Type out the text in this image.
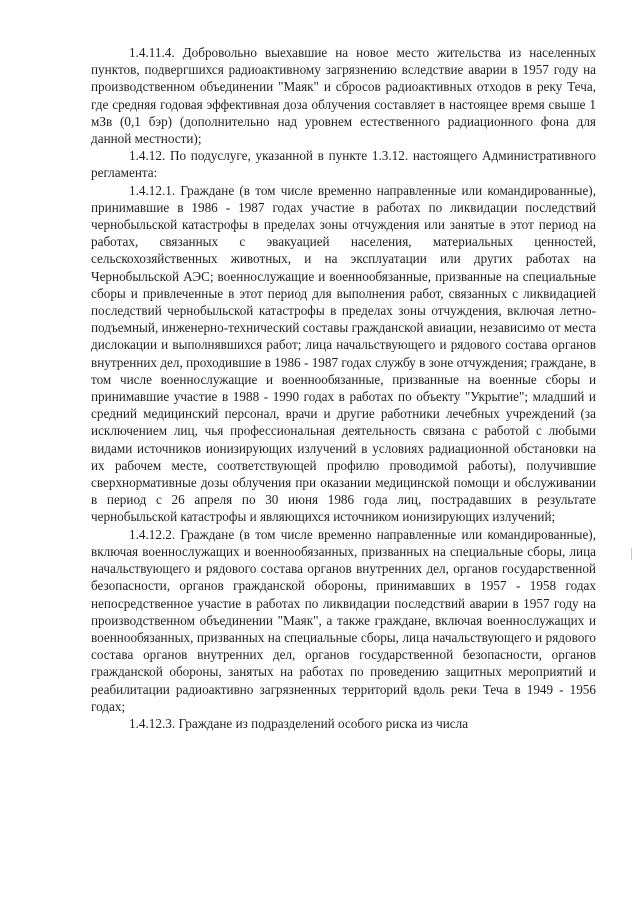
1.4.11.4. Добровольно выехавшие на новое место жительства из населенных пунктов, подвергшихся радиоактивному загрязнению вследствие аварии в 1957 году на производственном объединении "Маяк" и сбросов радиоактивных отходов в реку Теча, где средняя годовая эффективная доза облучения составляет в настоящее время свыше 1 мЗв (0,1 бэр) (дополнительно над уровнем естественного радиационного фона для данной местности);

1.4.12. По подуслуге, указанной в пункте 1.3.12. настоящего Административного регламента:

1.4.12.1. Граждане (в том числе временно направленные или командированные), принимавшие в 1986 - 1987 годах участие в работах по ликвидации последствий чернобыльской катастрофы в пределах зоны отчуждения или занятые в этот период на работах, связанных с эвакуацией населения, материальных ценностей, сельскохозяйственных животных, и на эксплуатации или других работах на Чернобыльской АЭС; военнослужащие и военнообязанные, призванные на специальные сборы и привлеченные в этот период для выполнения работ, связанных с ликвидацией последствий чернобыльской катастрофы в пределах зоны отчуждения, включая летно-подъемный, инженерно-технический составы гражданской авиации, независимо от места дислокации и выполнявшихся работ; лица начальствующего и рядового состава органов внутренних дел, проходившие в 1986 - 1987 годах службу в зоне отчуждения; граждане, в том числе военнослужащие и военнообязанные, призванные на военные сборы и принимавшие участие в 1988 - 1990 годах в работах по объекту "Укрытие"; младший и средний медицинский персонал, врачи и другие работники лечебных учреждений (за исключением лиц, чья профессиональная деятельность связана с работой с любыми видами источников ионизирующих излучений в условиях радиационной обстановки на их рабочем месте, соответствующей профилю проводимой работы), получившие сверхнормативные дозы облучения при оказании медицинской помощи и обслуживании в период с 26 апреля по 30 июня 1986 года лиц, пострадавших в результате чернобыльской катастрофы и являющихся источником ионизирующих излучений;

1.4.12.2. Граждане (в том числе временно направленные или командированные), включая военнослужащих и военнообязанных, призванных на специальные сборы, лица начальствующего и рядового состава органов внутренних дел, органов государственной безопасности, органов гражданской обороны, принимавших в 1957 - 1958 годах непосредственное участие в работах по ликвидации последствий аварии в 1957 году на производственном объединении "Маяк", а также граждане, включая военнослужащих и военнообязанных, призванных на специальные сборы, лица начальствующего и рядового состава органов внутренних дел, органов государственной безопасности, органов гражданской обороны, занятых на работах по проведению защитных мероприятий и реабилитации радиоактивно загрязненных территорий вдоль реки Теча в 1949 - 1956 годах;

1.4.12.3. Граждане из подразделений особого риска из числа
